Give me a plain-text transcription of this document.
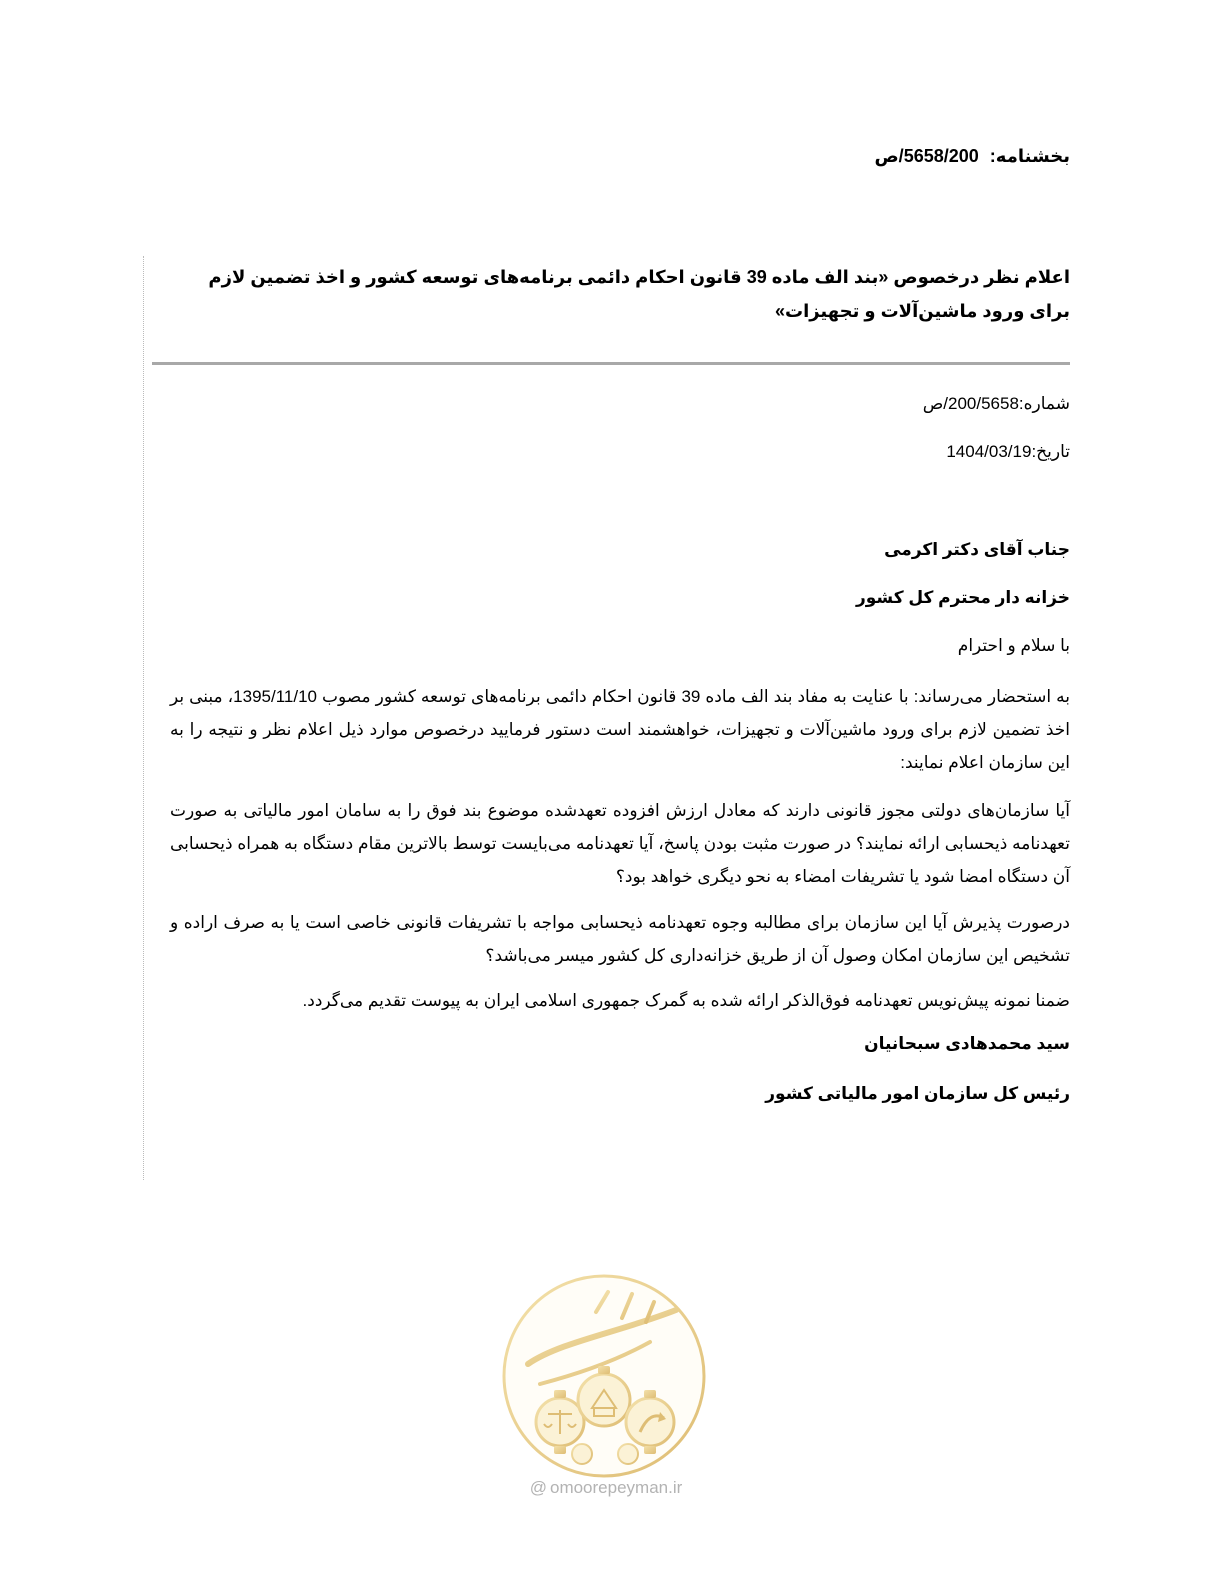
بخشنامه: 5658/200/ص
اعلام نظر درخصوص «بند الف ماده 39 قانون احکام دائمی برنامه‌های توسعه کشور و اخذ تضمین لازم برای ورود ماشین‌آلات و تجهیزات»
شماره:200/5658/ص
تاریخ:1404/03/19
جناب آقای دکتر اکرمی
خزانه دار محترم کل کشور
با سلام و احترام
به استحضار می‌رساند: با عنایت به مفاد بند الف ماده 39 قانون احکام دائمی برنامه‌های توسعه کشور مصوب 1395/11/10، مبنی بر اخذ تضمین لازم برای ورود ماشین‌آلات و تجهیزات، خواهشمند است دستور فرمایید درخصوص موارد ذیل اعلام نظر و نتیجه را به این سازمان اعلام نمایند:
آیا سازمان‌های دولتی مجوز قانونی دارند که معادل ارزش افزوده تعهدشده موضوع بند فوق را به سامان امور مالیاتی به صورت تعهدنامه ذیحسابی ارائه نمایند؟ در صورت مثبت بودن پاسخ، آیا تعهدنامه می‌بایست توسط بالاترین مقام دستگاه به همراه ذیحسابی آن دستگاه امضا شود یا تشریفات امضاء به نحو دیگری خواهد بود؟
درصورت پذیرش آیا این سازمان برای مطالبه وجوه تعهدنامه ذیحسابی مواجه با تشریفات قانونی خاصی است یا به صرف اراده و تشخیص این سازمان امکان وصول آن از طریق خزانه‌داری کل کشور میسر می‌باشد؟
ضمنا نمونه پیش‌نویس تعهدنامه فوق‌الذکر ارائه شده به گمرک جمهوری اسلامی ایران به پیوست تقدیم می‌گردد.
سید محمدهادی سبحانیان
رئیس کل سازمان امور مالیاتی کشور
@ omoorepeyman.ir
